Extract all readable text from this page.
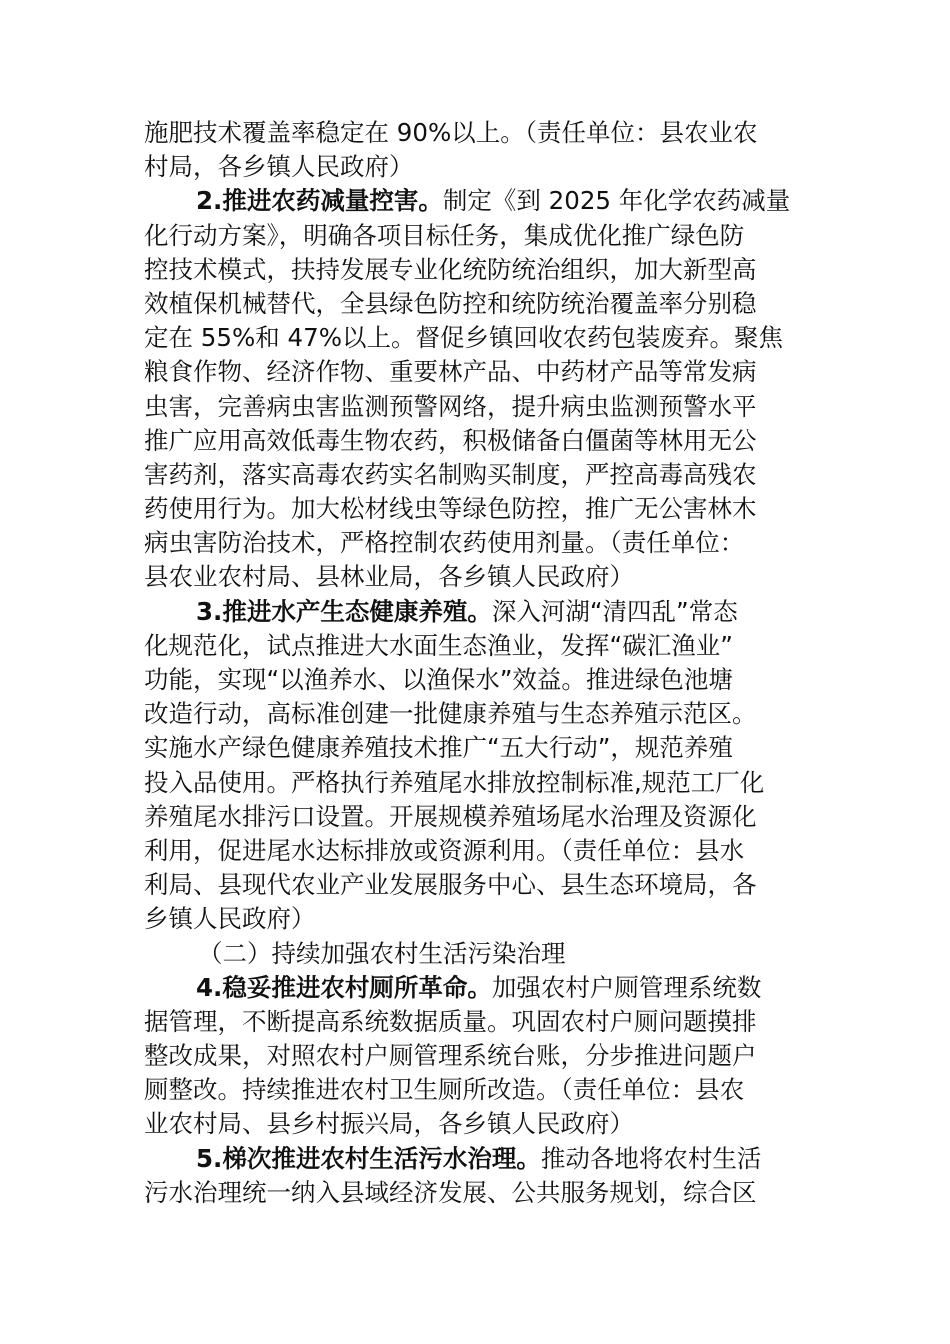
施肥技术覆盖率稳定在 90%以上。（责任单位：县农业农
村局，各乡镇人民政府）
2.推进农药减量控害。制定《到 2025 年化学农药减量
化行动方案》，明确各项目标任务，集成优化推广绿色防
控技术模式，扶持发展专业化统防统治组织，加大新型高
效植保机械替代，全县绿色防控和统防统治覆盖率分别稳
定在 55%和 47%以上。督促乡镇回收农药包装废弃。聚焦
粮食作物、经济作物、重要林产品、中药材产品等常发病
虫害，完善病虫害监测预警网络，提升病虫监测预警水平
推广应用高效低毒生物农药，积极储备白僵菌等林用无公
害药剂，落实高毒农药实名制购买制度，严控高毒高残农
药使用行为。加大松材线虫等绿色防控，推广无公害林木
病虫害防治技术，严格控制农药使用剂量。（责任单位：
县农业农村局、县林业局，各乡镇人民政府）
3.推进水产生态健康养殖。深入河湖“清四乱”常态
化规范化，试点推进大水面生态渔业，发挥“碳汇渔业”
功能，实现“以渔养水、以渔保水”效益。推进绿色池塘
改造行动，高标准创建一批健康养殖与生态养殖示范区。
实施水产绿色健康养殖技术推广“五大行动”，规范养殖
投入品使用。严格执行养殖尾水排放控制标准,规范工厂化
养殖尾水排污口设置。开展规模养殖场尾水治理及资源化
利用，促进尾水达标排放或资源利用。（责任单位：县水
利局、县现代农业产业发展服务中心、县生态环境局，各
乡镇人民政府）
（二）持续加强农村生活污染治理
4.稳妥推进农村厕所革命。加强农村户厕管理系统数
据管理，不断提高系统数据质量。巩固农村户厕问题摸排
整改成果，对照农村户厕管理系统台账，分步推进问题户
厕整改。持续推进农村卫生厕所改造。（责任单位：县农
业农村局、县乡村振兴局，各乡镇人民政府）
5.梯次推进农村生活污水治理。推动各地将农村生活
污水治理统一纳入县域经济发展、公共服务规划，综合区
